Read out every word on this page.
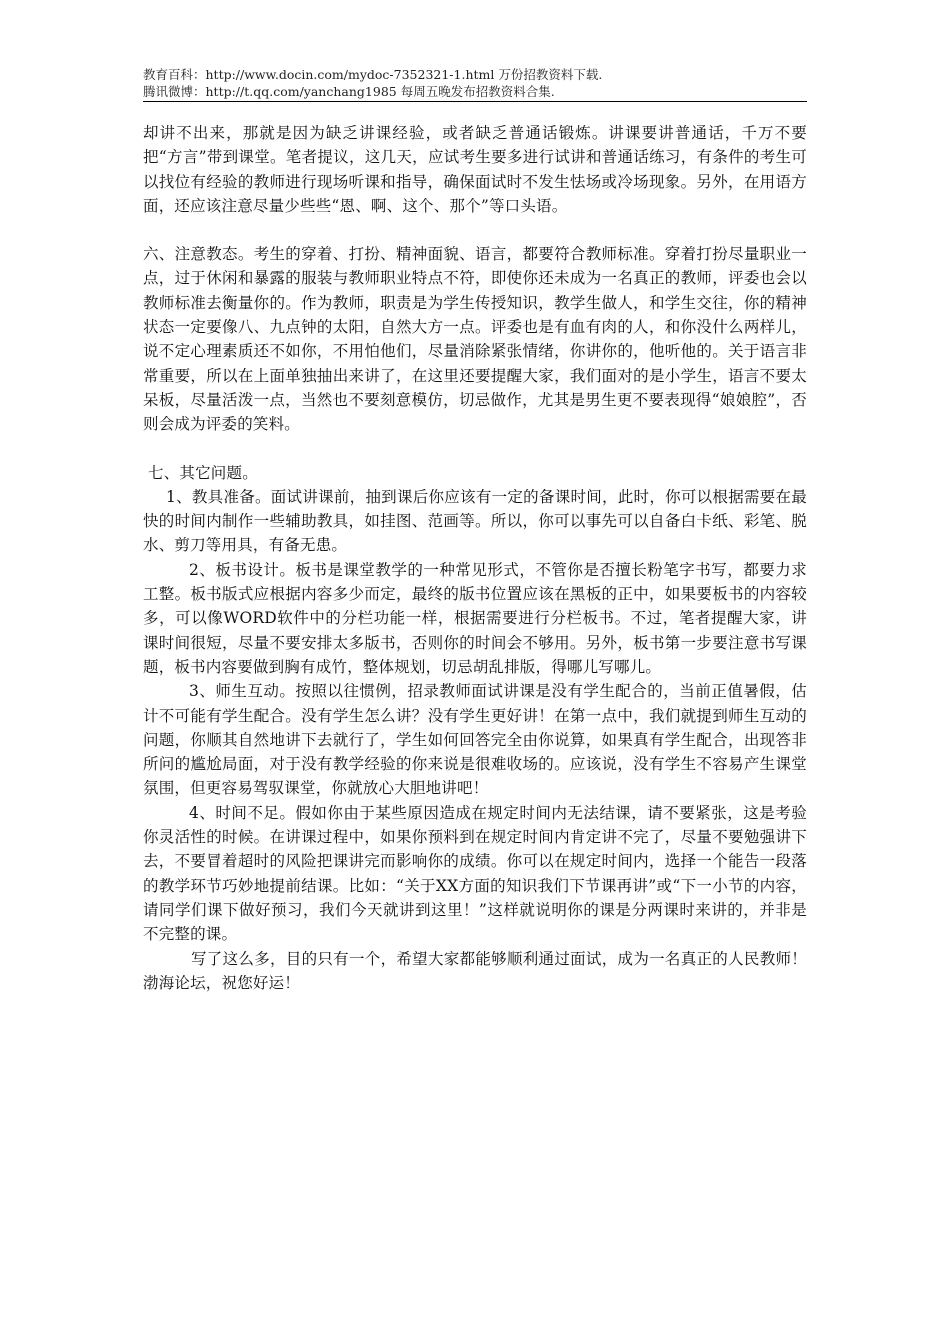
教育百科：http://www.docin.com/mydoc-7352321-1.html 万份招教资料下载.
腾讯微博：http://t.qq.com/yanchang1985 每周五晚发布招教资料合集.

却讲不出来，那就是因为缺乏讲课经验，或者缺乏普通话锻炼。讲课要讲普通话，千万不要把“方言”带到课堂。笔者提议，这几天，应试考生要多进行试讲和普通话练习，有条件的考生可以找位有经验的教师进行现场听课和指导，确保面试时不发生怯场或冷场现象。另外，在用语方面，还应该注意尽量少些些“恩、啊、这个、那个”等口头语。

六、注意教态。考生的穿着、打扮、精神面貌、语言，都要符合教师标准。穿着打扮尽量职业一点，过于休闲和暴露的服装与教师职业特点不符，即使你还未成为一名真正的教师，评委也会以教师标准去衡量你的。作为教师，职责是为学生传授知识，教学生做人，和学生交往，你的精神状态一定要像八、九点钟的太阳，自然大方一点。评委也是有血有肉的人，和你没什么两样儿，说不定心理素质还不如你，不用怕他们，尽量消除紧张情绪，你讲你的，他听他的。关于语言非常重要，所以在上面单独抽出来讲了，在这里还要提醒大家，我们面对的是小学生，语言不要太呆板，尽量活泼一点，当然也不要刻意模仿，切忌做作，尤其是男生更不要表现得“娘娘腔”，否则会成为评委的笑料。

七、其它问题。

1、教具准备。面试讲课前，抽到课后你应该有一定的备课时间，此时，你可以根据需要在最快的时间内制作一些辅助教具，如挂图、范画等。所以，你可以事先可以自备白卡纸、彩笔、脱水、剪刀等用具，有备无患。

2、板书设计。板书是课堂教学的一种常见形式，不管你是否擅长粉笔字书写，都要力求工整。板书版式应根据内容多少而定，最终的版书位置应该在黑板的正中，如果要板书的内容较多，可以像WORD软件中的分栏功能一样，根据需要进行分栏板书。不过，笔者提醒大家，讲课时间很短，尽量不要安排太多版书，否则你的时间会不够用。另外，板书第一步要注意书写课题，板书内容要做到胸有成竹，整体规划，切忌胡乱排版，得哪儿写哪儿。

3、师生互动。按照以往惯例，招录教师面试讲课是没有学生配合的，当前正值暑假，估计不可能有学生配合。没有学生怎么讲？没有学生更好讲！在第一点中，我们就提到师生互动的问题，你顺其自然地讲下去就行了，学生如何回答完全由你说算，如果真有学生配合，出现答非所问的尴尬局面，对于没有教学经验的你来说是很难收场的。应该说，没有学生不容易产生课堂氛围，但更容易驾驭课堂，你就放心大胆地讲吧！

4、时间不足。假如你由于某些原因造成在规定时间内无法结课，请不要紧张，这是考验你灵活性的时候。在讲课过程中，如果你预料到在规定时间内肯定讲不完了，尽量不要勉强讲下去，不要冒着超时的风险把课讲完而影响你的成绩。你可以在规定时间内，选择一个能告一段落的教学环节巧妙地提前结课。比如：“关于XX方面的知识我们下节课再讲”或“下一小节的内容，请同学们课下做好预习，我们今天就讲到这里！”这样就说明你的课是分两课时来讲的，并非是不完整的课。

写了这么多，目的只有一个，希望大家都能够顺利通过面试，成为一名真正的人民教师！渤海论坛，祝您好运！
